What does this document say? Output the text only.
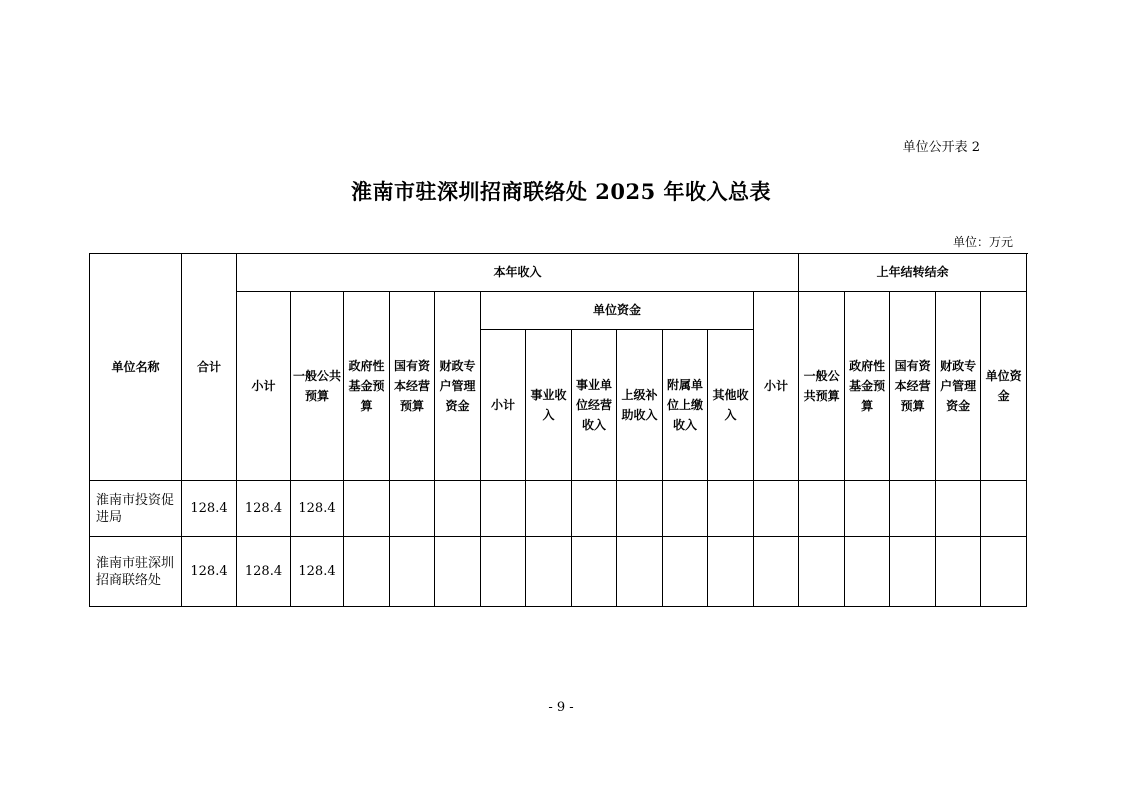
单位公开表 2
淮南市驻深圳招商联络处 2025 年收入总表
单位：万元
单位名称	合计	本年收入												上年结转结余				
		小计	一般公共预算	政府性基金预算	国有资本经营预算	财政专户管理资金	单位资金						小计	一般公共预算	政府性基金预算	国有资本经营预算	财政专户管理资金	单位资金
							小计	事业收入	事业单位经营收入	上级补助收入	附属单位上缴收入	其他收入						

淮南市投资促进局	128.4	128.4	128.4															
淮南市驻深圳招商联络处	128.4	128.4	128.4															
- 9 -
